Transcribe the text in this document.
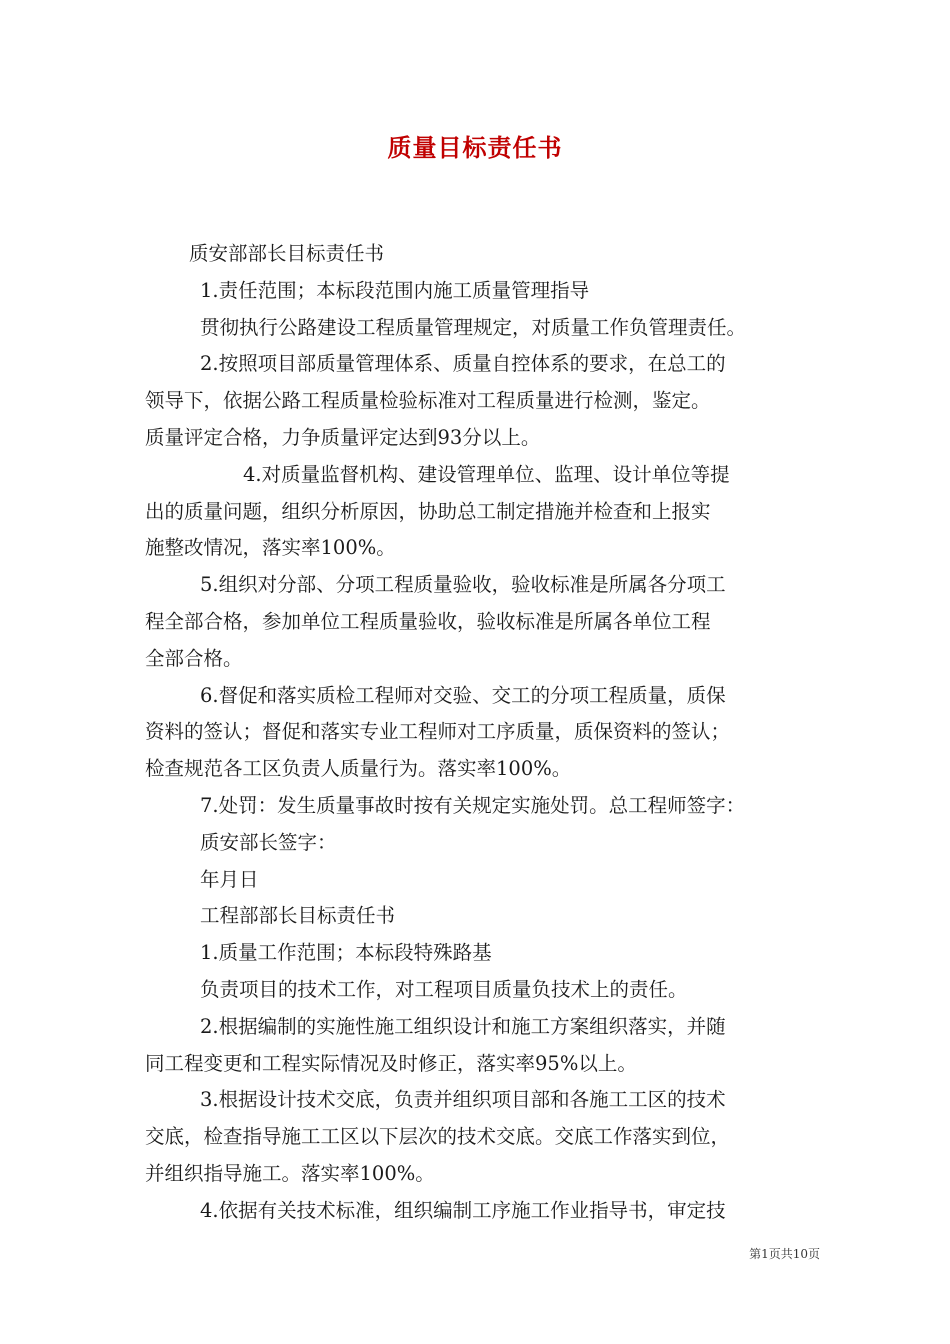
质量目标责任书
质安部部长目标责任书
1.责任范围；本标段范围内施工质量管理指导
贯彻执行公路建设工程质量管理规定，对质量工作负管理责任。
2.按照项目部质量管理体系、质量自控体系的要求，在总工的
领导下，依据公路工程质量检验标准对工程质量进行检测，鉴定。
质量评定合格，力争质量评定达到93分以上。
4.对质量监督机构、建设管理单位、监理、设计单位等提
出的质量问题，组织分析原因，协助总工制定措施并检查和上报实
施整改情况，落实率100%。
5.组织对分部、分项工程质量验收，验收标准是所属各分项工
程全部合格，参加单位工程质量验收，验收标准是所属各单位工程
全部合格。
6.督促和落实质检工程师对交验、交工的分项工程质量，质保
资料的签认；督促和落实专业工程师对工序质量，质保资料的签认；
检查规范各工区负责人质量行为。落实率100%。
7.处罚：发生质量事故时按有关规定实施处罚。总工程师签字：
质安部长签字：
年月日
工程部部长目标责任书
1.质量工作范围；本标段特殊路基
负责项目的技术工作，对工程项目质量负技术上的责任。
2.根据编制的实施性施工组织设计和施工方案组织落实，并随
同工程变更和工程实际情况及时修正，落实率95%以上。
3.根据设计技术交底，负责并组织项目部和各施工工区的技术
交底，检查指导施工工区以下层次的技术交底。交底工作落实到位，
并组织指导施工。落实率100%。
4.依据有关技术标准，组织编制工序施工作业指导书，审定技
第1页共10页
